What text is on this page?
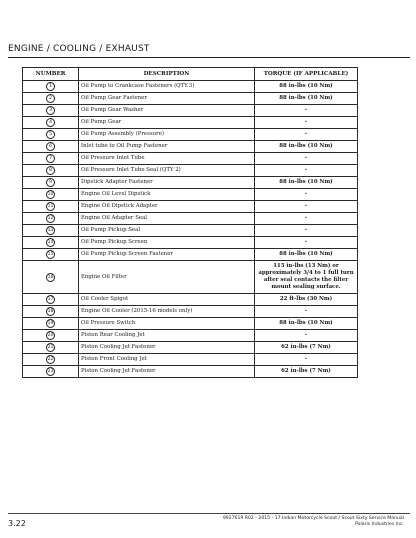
ENGINE / COOLING / EXHAUST
NUMBER	DESCRIPTION	TORQUE (IF APPLICABLE)
1	Oil Pump to Crankcase Fasteners (QTY.3)	88 in-lbs (10 Nm)
2	Oil Pump Gear Fastener	88 in-lbs (10 Nm)
3	Oil Pump Gear Washer	-
4	Oil Pump Gear	-
5	Oil Pump Assembly (Pressure)	-
6	Inlet tube to Oil Pump Fastener	88 in-lbs (10 Nm)
7	Oil Pressure Inlet Tube	-
8	Oil Pressure Inlet Tube Seal (QTY 2)	-
9	Dipstick Adapter Fastener	88 in-lbs (10 Nm)
10	Engine Oil Level Dipstick	-
11	Engine Oil Dipstick Adapter	-
12	Engine Oil Adapter Seal	-
13	Oil Pump Pickup Seal	-
14	Oil Pump Pickup Screen	-
15	Oil Pump Pickup Screen Fastener	88 in-lbs (10 Nm)
16	Engine Oil Filter	115 in-lbs (13 Nm) or approximately 3/4 to 1 full turn after seal contacts the filter mount sealing surface.
17	Oil Cooler Spigot	22 ft-lbs (30 Nm)
18	Engine Oil Cooler (2015-16 models only)	-
19	Oil Pressure Switch	88 in-lbs (10 Nm)
20	Piston Rear Cooling Jet	-
21	Piston Cooling Jet Fastener	62 in-lbs (7 Nm)
22	Piston Front Cooling Jet	-
23	Piston Cooling Jet Fastener	62 in-lbs (7 Nm)
3.22
9927619 R02 - 2015 - 17 Indian Motorcycle Scout / Scout Sixty Service Manual
Polaris Industries Inc.
